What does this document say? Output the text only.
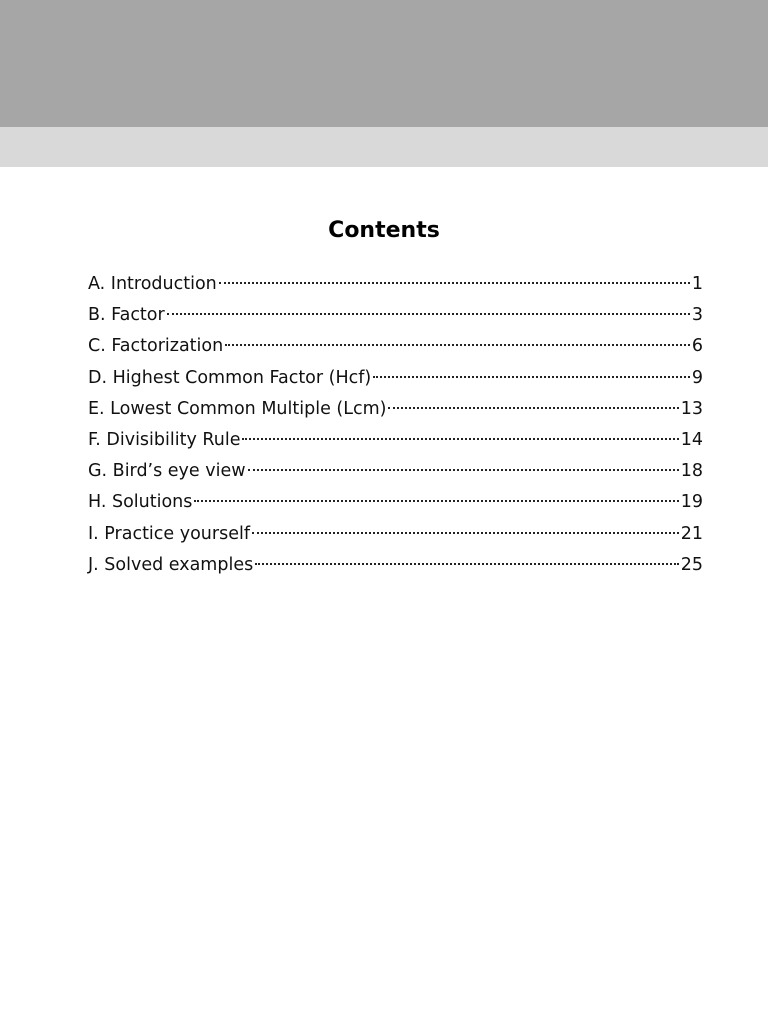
Contents
A. Introduction	1
B. Factor	3
C. Factorization	6
D. Highest Common Factor (Hcf)	9
E. Lowest Common Multiple (Lcm)	13
F. Divisibility Rule	14
G. Bird’s eye view	18
H. Solutions	19
I. Practice yourself	21
J. Solved examples	25
